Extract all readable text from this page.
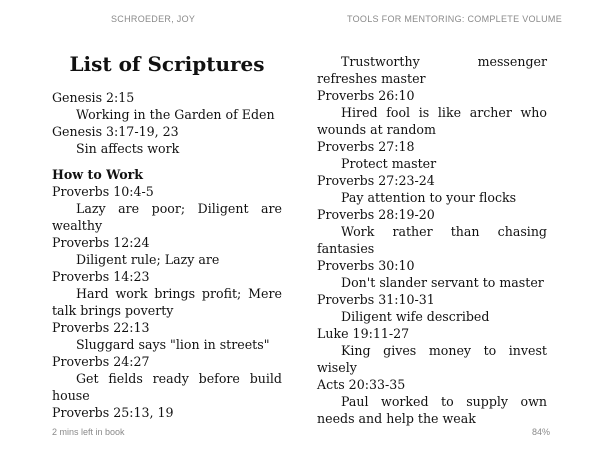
SCHROEDER, JOY	TOOLS FOR MENTORING: COMPLETE VOLUME
List of Scriptures

Genesis 2:15

Working in the Garden of Eden

Genesis 3:17-19, 23

Sin affects work

How to Work

Proverbs 10:4-5

Lazy are poor; Diligent are wealthy

Proverbs 12:24

Diligent rule; Lazy are

Proverbs 14:23

Hard work brings profit; Mere talk brings poverty

Proverbs 22:13

Sluggard says "lion in streets"

Proverbs 24:27

Get fields ready before build house

Proverbs 25:13, 19

Trustworthy messenger refreshes master

Proverbs 26:10

Hired fool is like archer who wounds at random

Proverbs 27:18

Protect master

Proverbs 27:23-24

Pay attention to your flocks

Proverbs 28:19-20

Work rather than chasing fantasies

Proverbs 30:10

Don't slander servant to master

Proverbs 31:10-31

Diligent wife described

Luke 19:11-27

King gives money to invest wisely

Acts 20:33-35

Paul worked to supply own needs and help the weak

2 mins left in book	84%
